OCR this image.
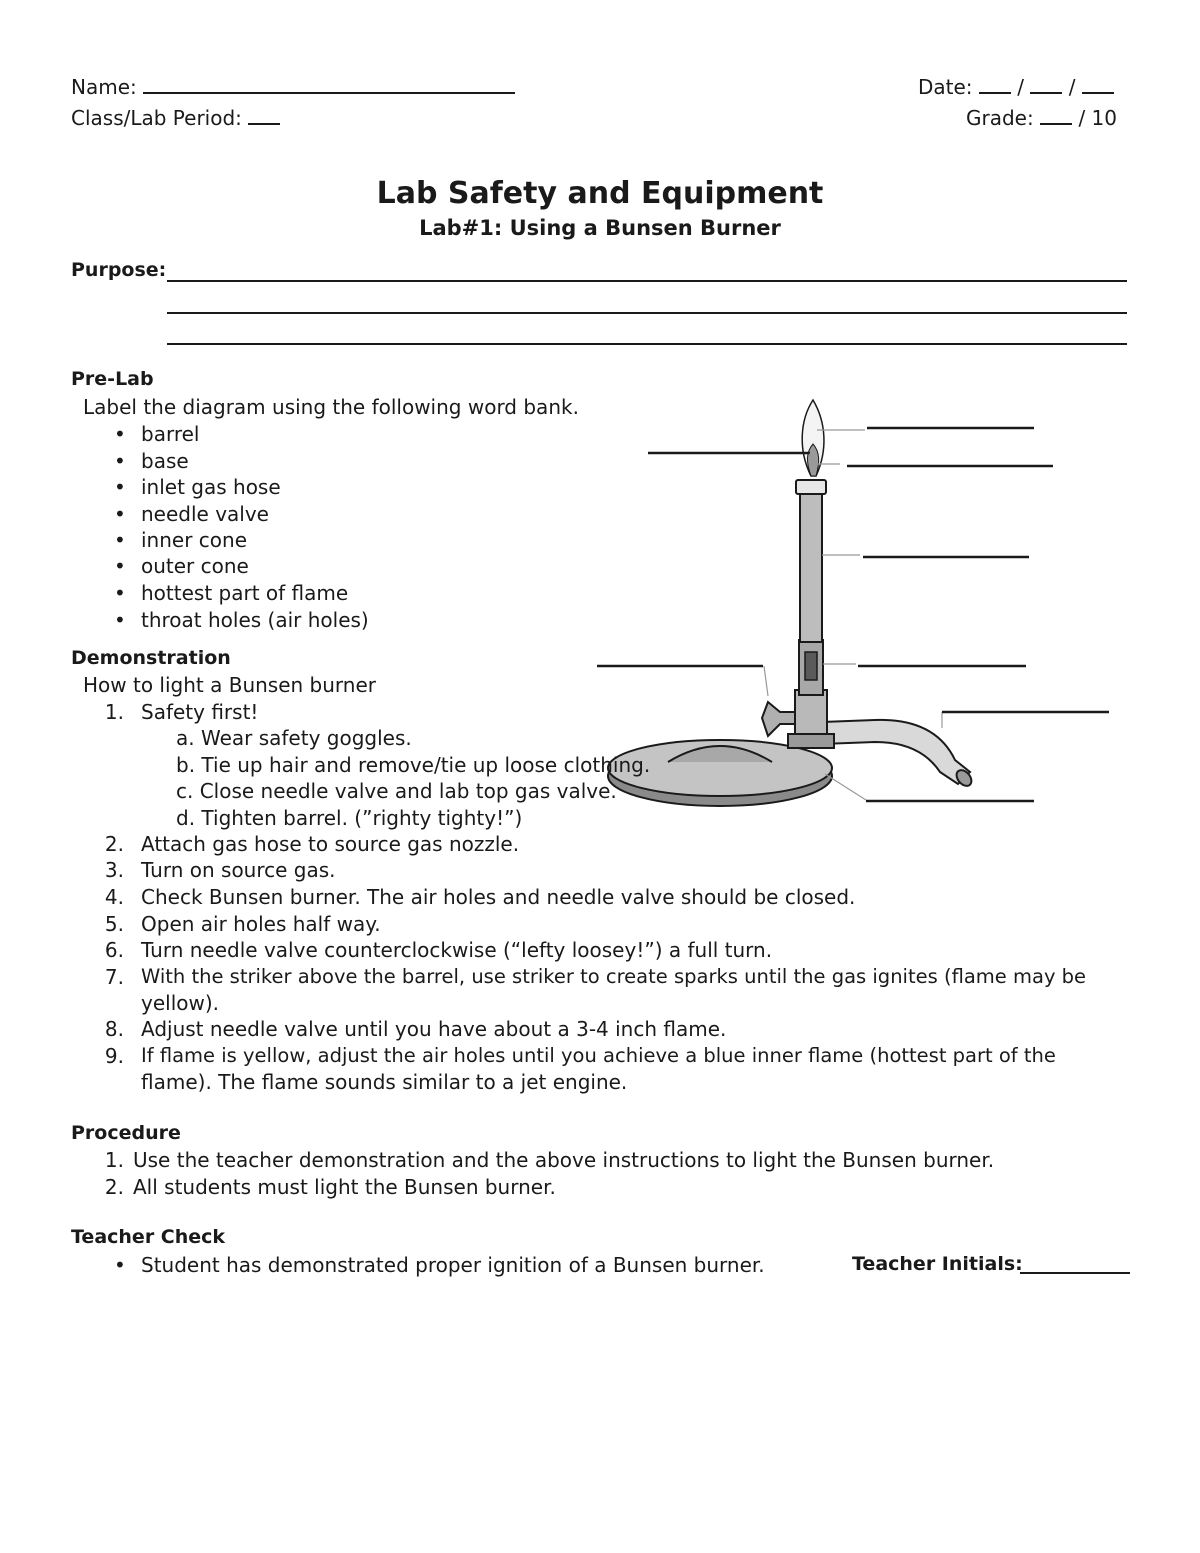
Name:	Date: / /
Class/Lab Period:	Grade: / 10
Lab Safety and Equipment
Lab#1: Using a Bunsen Burner
Purpose:
Pre-Lab
Label the diagram using the following word bank.
• barrel
• base
• inlet gas hose
• needle valve
• inner cone
• outer cone
• hottest part of flame
• throat holes (air holes)
Demonstration
How to light a Bunsen burner
1. Safety first!
a. Wear safety goggles.
b. Tie up hair and remove/tie up loose clothing.
c. Close needle valve and lab top gas valve.
d. Tighten barrel. (”righty tighty!”)
2. Attach gas hose to source gas nozzle.
3. Turn on source gas.
4. Check Bunsen burner. The air holes and needle valve should be closed.
5. Open air holes half way.
6. Turn needle valve counterclockwise (“lefty loosey!”) a full turn.
7. With the striker above the barrel, use striker to create sparks until the gas ignites (flame may be
yellow).
8. Adjust needle valve until you have about a 3-4 inch flame.
9. If flame is yellow, adjust the air holes until you achieve a blue inner flame (hottest part of the
flame). The flame sounds similar to a jet engine.
Procedure
1. Use the teacher demonstration and the above instructions to light the Bunsen burner.
2. All students must light the Bunsen burner.
Teacher Check
• Student has demonstrated proper ignition of a Bunsen burner.	Teacher Initials:
